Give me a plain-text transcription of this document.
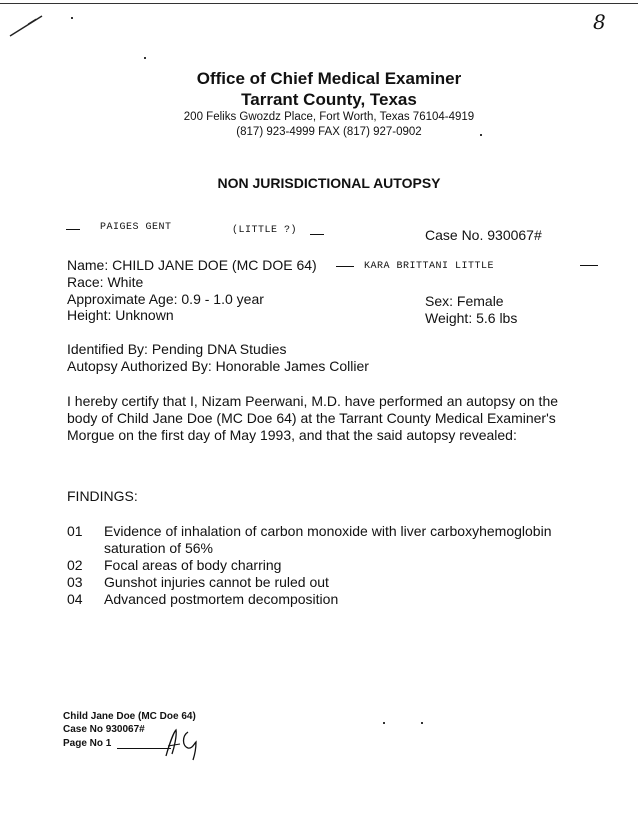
8
Office of Chief Medical Examiner
Tarrant County, Texas
200 Feliks Gwozdz Place, Fort Worth, Texas 76104-4919
(817) 923-4999 FAX (817) 927-0902
NON JURISDICTIONAL AUTOPSY
PAIGES GENT	(LITTLE ?)	Case No. 930067#
Name: CHILD JANE DOE (MC DOE 64)	KARA BRITTANI LITTLE
Race: White
Approximate Age: 0.9 - 1.0 year
Height: Unknown
Sex: Female
Weight: 5.6 lbs
Identified By: Pending DNA Studies
Autopsy Authorized By: Honorable James Collier
I hereby certify that I, Nizam Peerwani, M.D. have performed an autopsy on the body of Child Jane Doe (MC Doe 64) at the Tarrant County Medical Examiner's Morgue on the first day of May 1993, and that the said autopsy revealed:
FINDINGS:
01 Evidence of inhalation of carbon monoxide with liver carboxyhemoglobin saturation of 56%
02 Focal areas of body charring
03 Gunshot injuries cannot be ruled out
04 Advanced postmortem decomposition
Child Jane Doe (MC Doe 64)
Case No 930067#
Page No 1
